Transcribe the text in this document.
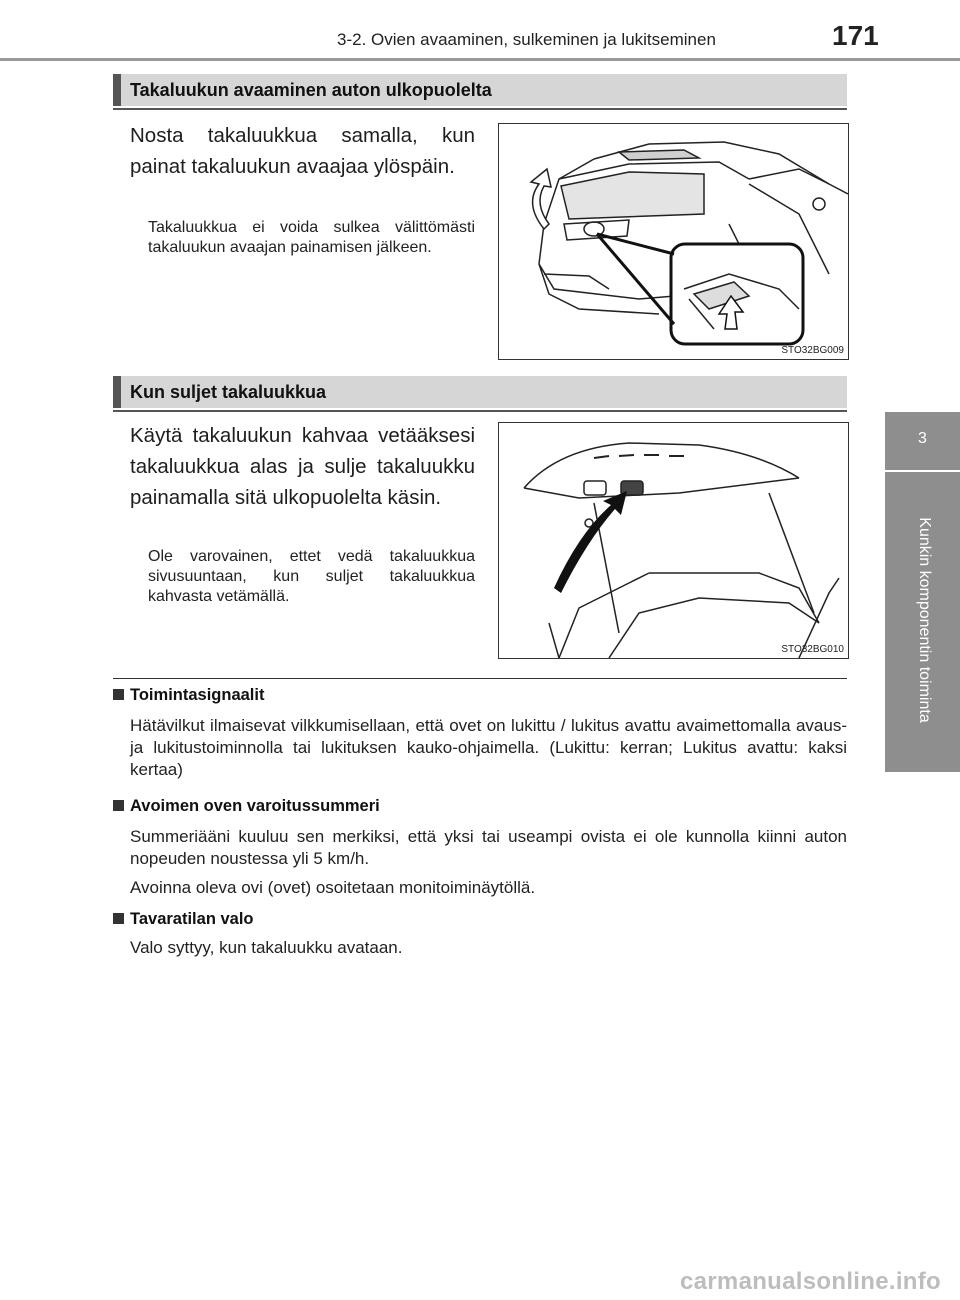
3-2. Ovien avaaminen, sulkeminen ja lukitseminen	171
3
Kunkin komponentin toiminta
Takaluukun avaaminen auton ulkopuolelta
Nosta takaluukkua samalla, kun painat takaluukun avaajaa ylöspäin.
Takaluukkua ei voida sulkea välittömästi takaluukun avaajan painamisen jälkeen.
STO32BG009
Kun suljet takaluukkua
Käytä takaluukun kahvaa vetääksesi takaluukkua alas ja sulje takaluukku painamalla sitä ulkopuolelta käsin.
Ole varovainen, ettet vedä takaluukkua sivusuuntaan, kun suljet takaluukkua kahvasta vetämällä.
STO32BG010
Toimintasignaalit
Hätävilkut ilmaisevat vilkkumisellaan, että ovet on lukittu / lukitus avattu avaimettomalla avaus- ja lukitustoiminnolla tai lukituksen kauko-ohjaimella. (Lukittu: kerran; Lukitus avattu: kaksi kertaa)
Avoimen oven varoitussummeri
Summeriääni kuuluu sen merkiksi, että yksi tai useampi ovista ei ole kunnolla kiinni auton nopeuden noustessa yli 5 km/h.
Avoinna oleva ovi (ovet) osoitetaan monitoiminäytöllä.
Tavaratilan valo
Valo syttyy, kun takaluukku avataan.
carmanualsonline.info
